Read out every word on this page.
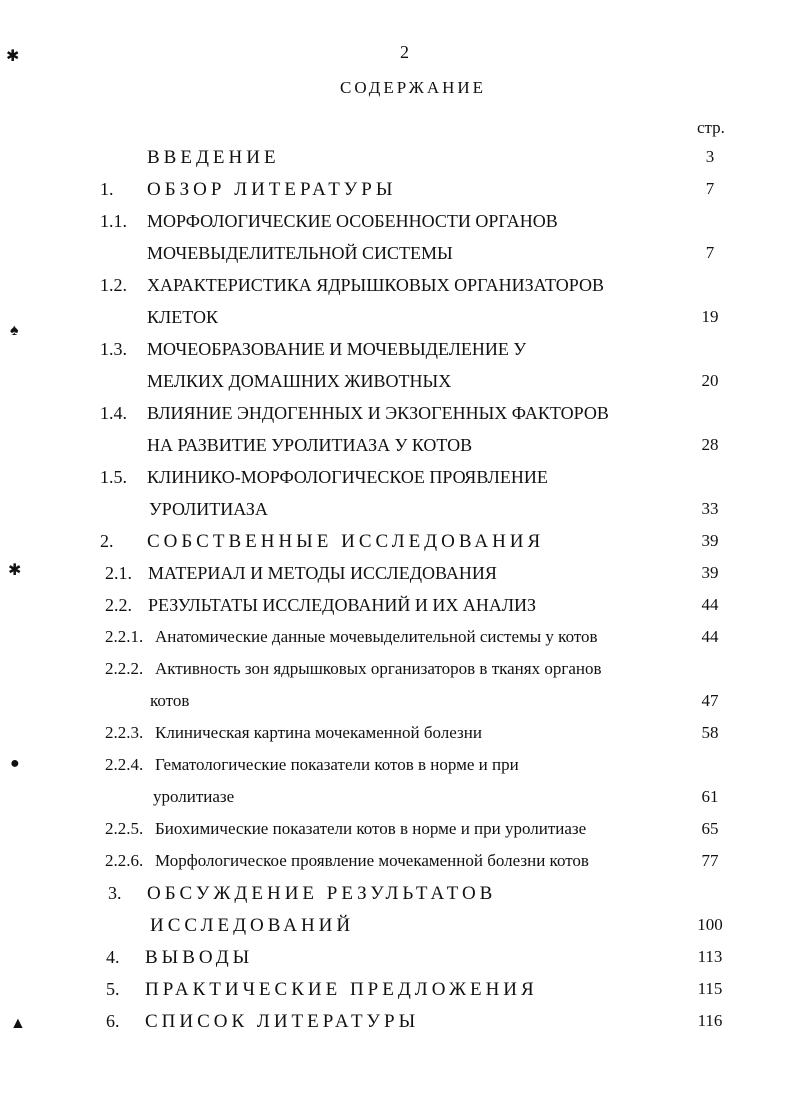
2
СОДЕРЖАНИЕ
стр.
✱
♠
✱
●
▲
ВВЕДЕНИЕ	3
1. ОБЗОР ЛИТЕРАТУРЫ	7
1.1. МОРФОЛОГИЧЕСКИЕ ОСОБЕННОСТИ ОРГАНОВ
МОЧЕВЫДЕЛИТЕЛЬНОЙ СИСТЕМЫ	7
1.2. ХАРАКТЕРИСТИКА ЯДРЫШКОВЫХ ОРГАНИЗАТОРОВ
КЛЕТОК	19
1.3. МОЧЕОБРАЗОВАНИЕ И МОЧЕВЫДЕЛЕНИЕ У
МЕЛКИХ ДОМАШНИХ ЖИВОТНЫХ	20
1.4. ВЛИЯНИЕ ЭНДОГЕННЫХ И ЭКЗОГЕННЫХ ФАКТОРОВ
НА РАЗВИТИЕ УРОЛИТИАЗА У КОТОВ	28
1.5. КЛИНИКО-МОРФОЛОГИЧЕСКОЕ ПРОЯВЛЕНИЕ
УРОЛИТИАЗА	33
2. СОБСТВЕННЫЕ ИССЛЕДОВАНИЯ	39
2.1. МАТЕРИАЛ И МЕТОДЫ ИССЛЕДОВАНИЯ	39
2.2. РЕЗУЛЬТАТЫ ИССЛЕДОВАНИЙ И ИХ АНАЛИЗ	44
2.2.1. Анатомические данные мочевыделительной системы у котов	44
2.2.2. Активность зон ядрышковых организаторов в тканях органов
котов	47
2.2.3. Клиническая картина мочекаменной болезни	58
2.2.4. Гематологические показатели котов в норме и при
уролитиазе	61
2.2.5. Биохимические показатели котов в норме и при уролитиазе	65
2.2.6. Морфологическое проявление мочекаменной болезни котов	77
3. ОБСУЖДЕНИЕ РЕЗУЛЬТАТОВ
ИССЛЕДОВАНИЙ	100
4. ВЫВОДЫ	113
5. ПРАКТИЧЕСКИЕ ПРЕДЛОЖЕНИЯ	115
6. СПИСОК ЛИТЕРАТУРЫ	116
